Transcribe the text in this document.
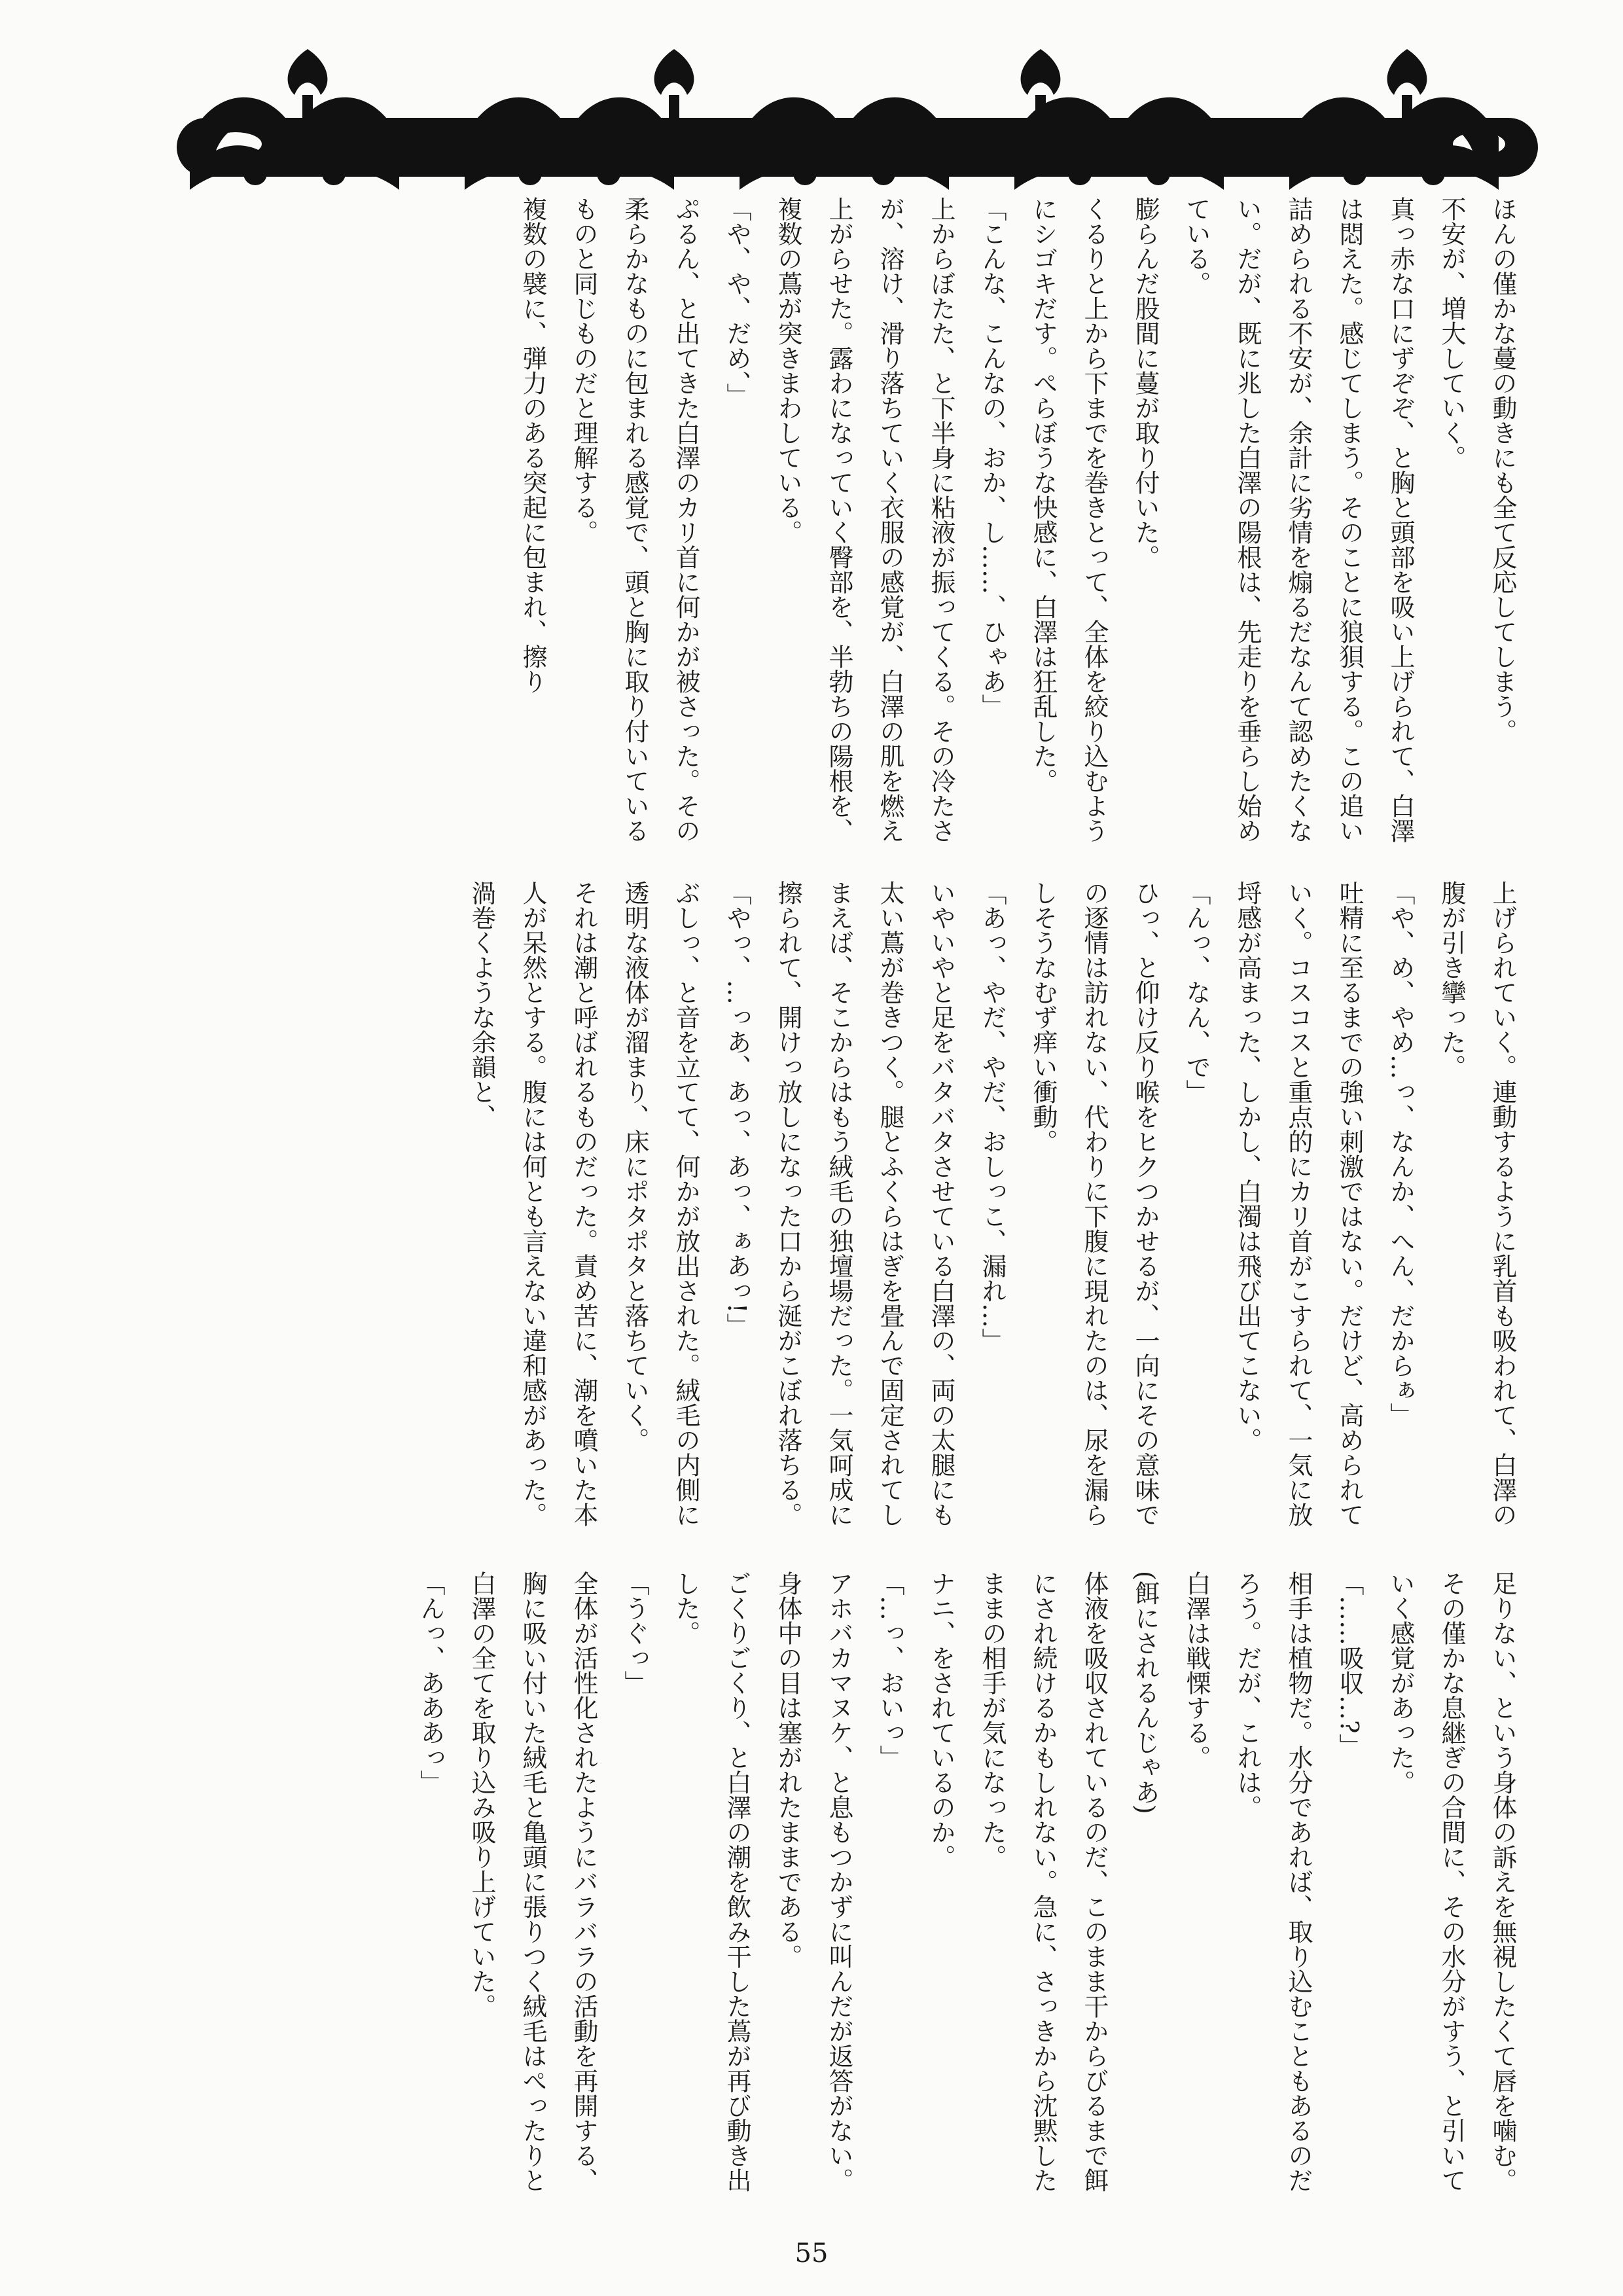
ほんの僅かな蔓の動きにも全て反応してしまう。

不安が、増大していく。

真っ赤な口にずぞぞ、と胸と頭部を吸い上げられて、白澤は悶えた。感じてしまう。そのことに狼狽する。この追い詰められる不安が、余計に劣情を煽るだなんて認めたくない。だが、既に兆した白澤の陽根は、先走りを垂らし始めている。

膨らんだ股間に蔓が取り付いた。

くるりと上から下までを巻きとって、全体を絞り込むようにシゴキだす。ぺらぼうな快感に、白澤は狂乱した。

「こんな、こんなの、おか、し……、ひゃあ」

上からぼたた、と下半身に粘液が振ってくる。その冷たさが、溶け、滑り落ちていく衣服の感覚が、白澤の肌を燃え上がらせた。露わになっていく臀部を、半勃ちの陽根を、複数の蔦が突きまわしている。

「や、や、だめ、」

ぷるん、と出てきた白澤のカリ首に何かが被さった。その柔らかなものに包まれる感覚で、頭と胸に取り付いているものと同じものだと理解する。

複数の襞に、弾力のある突起に包まれ、擦り

上げられていく。連動するように乳首も吸われて、白澤の腹が引き攣った。

「や、め、やめ…っ、なんか、へん、だからぁ」

吐精に至るまでの強い刺激ではない。だけど、高められていく。コスコスと重点的にカリ首がこすられて、一気に放埒感が高まった、しかし、白濁は飛び出てこない。

「んっ、なん、で」

ひっ、と仰け反り喉をヒクつかせるが、一向にその意味での逐情は訪れない、代わりに下腹に現れたのは、尿を漏らしそうなむず痒い衝動。

「あっ、やだ、やだ、おしっこ、漏れ…」

いやいやと足をバタバタさせている白澤の、両の太腿にも太い蔦が巻きつく。腿とふくらはぎを畳んで固定されてしまえば、そこからはもう絨毛の独壇場だった。一気呵成に擦られて、開けっ放しになった口から涎がこぼれ落ちる。

「やっ、…っあ、あっ、あっ、ぁあっ!」

ぶしっ、と音を立てて、何かが放出された。絨毛の内側に透明な液体が溜まり、床にポタポタと落ちていく。

それは潮と呼ばれるものだった。責め苦に、潮を噴いた本人が呆然とする。腹には何とも言えない違和感があった。渦巻くような余韻と、

足りない、という身体の訴えを無視したくて唇を噛む。

その僅かな息継ぎの合間に、その水分がすう、と引いていく感覚があった。

「……吸収…?」

相手は植物だ。水分であれば、取り込むこともあるのだろう。だが、これは。

白澤は戦慄する。

(餌にされるんじゃあ)

体液を吸収されているのだ、このまま干からびるまで餌にされ続けるかもしれない。急に、さっきから沈黙したままの相手が気になった。

ナニ、をされているのか。

「…っ、おいっ」

アホバカマヌケ、と息もつかずに叫んだが返答がない。身体中の目は塞がれたままである。

ごくりごくり、と白澤の潮を飲み干した蔦が再び動き出した。

「うぐっ」

全体が活性化されたようにバラバラの活動を再開する、胸に吸い付いた絨毛と亀頭に張りつく絨毛はぺったりと白澤の全てを取り込み吸り上げていた。

「んっ、あああっ」

55
